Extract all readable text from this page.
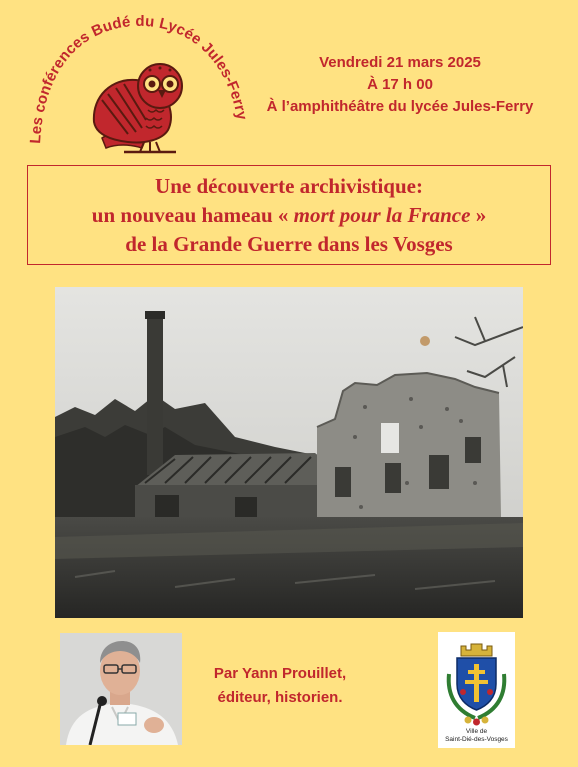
Les conférences Budé du Lycée Jules-Ferry
Vendredi 21 mars 2025
À 17 h 00
À l’amphithéâtre du lycée Jules-Ferry
Une découverte archivistique:
un nouveau hameau « mort pour la France »
de la Grande Guerre dans les Vosges
Par Yann Prouillet,
éditeur, historien.
Ville de
Saint-Dié-des-Vosges
